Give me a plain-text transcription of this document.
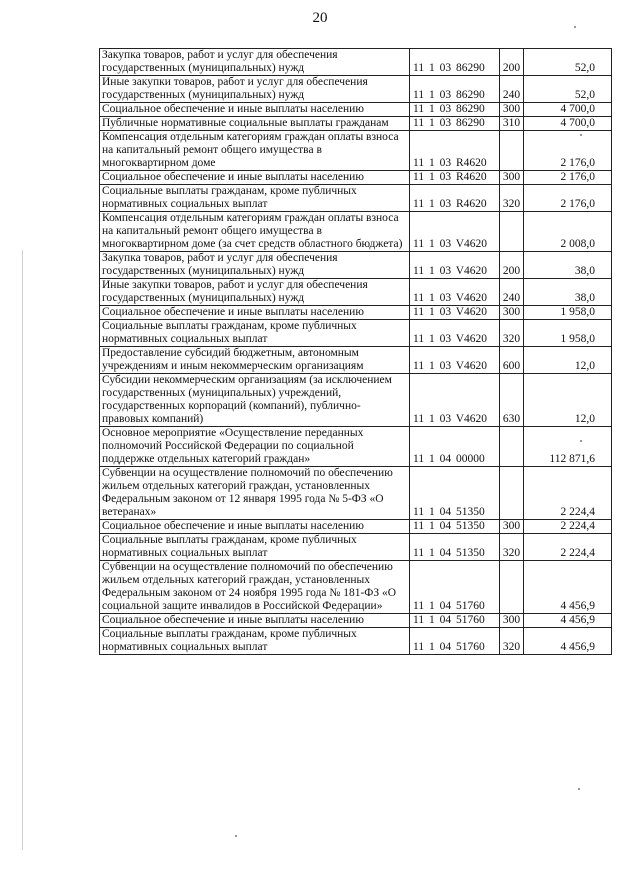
20
Закупка товаров, работ и услуг для обеспечения государственных (муниципальных) нужд	11 1 03 86290	200	52,0
Иные закупки товаров, работ и услуг для обеспечения государственных (муниципальных) нужд	11 1 03 86290	240	52,0
Социальное обеспечение и иные выплаты населению	11 1 03 86290	300	4 700,0
Публичные нормативные социальные выплаты гражданам	11 1 03 86290	310	4 700,0
Компенсация отдельным категориям граждан оплаты взноса на капитальный ремонт общего имущества в многоквартирном доме	11 1 03 R4620		2 176,0
Социальное обеспечение и иные выплаты населению	11 1 03 R4620	300	2 176,0
Социальные выплаты гражданам, кроме публичных нормативных социальных выплат	11 1 03 R4620	320	2 176,0
Компенсация отдельным категориям граждан оплаты взноса на капитальный ремонт общего имущества в многоквартирном доме (за счет средств областного бюджета)	11 1 03 V4620		2 008,0
Закупка товаров, работ и услуг для обеспечения государственных (муниципальных) нужд	11 1 03 V4620	200	38,0
Иные закупки товаров, работ и услуг для обеспечения государственных (муниципальных) нужд	11 1 03 V4620	240	38,0
Социальное обеспечение и иные выплаты населению	11 1 03 V4620	300	1 958,0
Социальные выплаты гражданам, кроме публичных нормативных социальных выплат	11 1 03 V4620	320	1 958,0
Предоставление субсидий бюджетным, автономным учреждениям и иным некоммерческим организациям	11 1 03 V4620	600	12,0
Субсидии некоммерческим организациям (за исключением государственных (муниципальных) учреждений, государственных корпораций (компаний), публично-правовых компаний)	11 1 03 V4620	630	12,0
Основное мероприятие «Осуществление переданных полномочий Российской Федерации по социальной поддержке отдельных категорий граждан»	11 1 04 00000		112 871,6
Субвенции на осуществление полномочий по обеспечению жильем отдельных категорий граждан, установленных Федеральным законом от 12 января 1995 года № 5-ФЗ «О ветеранах»	11 1 04 51350		2 224,4
Социальное обеспечение и иные выплаты населению	11 1 04 51350	300	2 224,4
Социальные выплаты гражданам, кроме публичных нормативных социальных выплат	11 1 04 51350	320	2 224,4
Субвенции на осуществление полномочий по обеспечению жильем отдельных категорий граждан, установленных Федеральным законом от 24 ноября 1995 года № 181-ФЗ «О социальной защите инвалидов в Российской Федерации»	11 1 04 51760		4 456,9
Социальное обеспечение и иные выплаты населению	11 1 04 51760	300	4 456,9
Социальные выплаты гражданам, кроме публичных нормативных социальных выплат	11 1 04 51760	320	4 456,9
